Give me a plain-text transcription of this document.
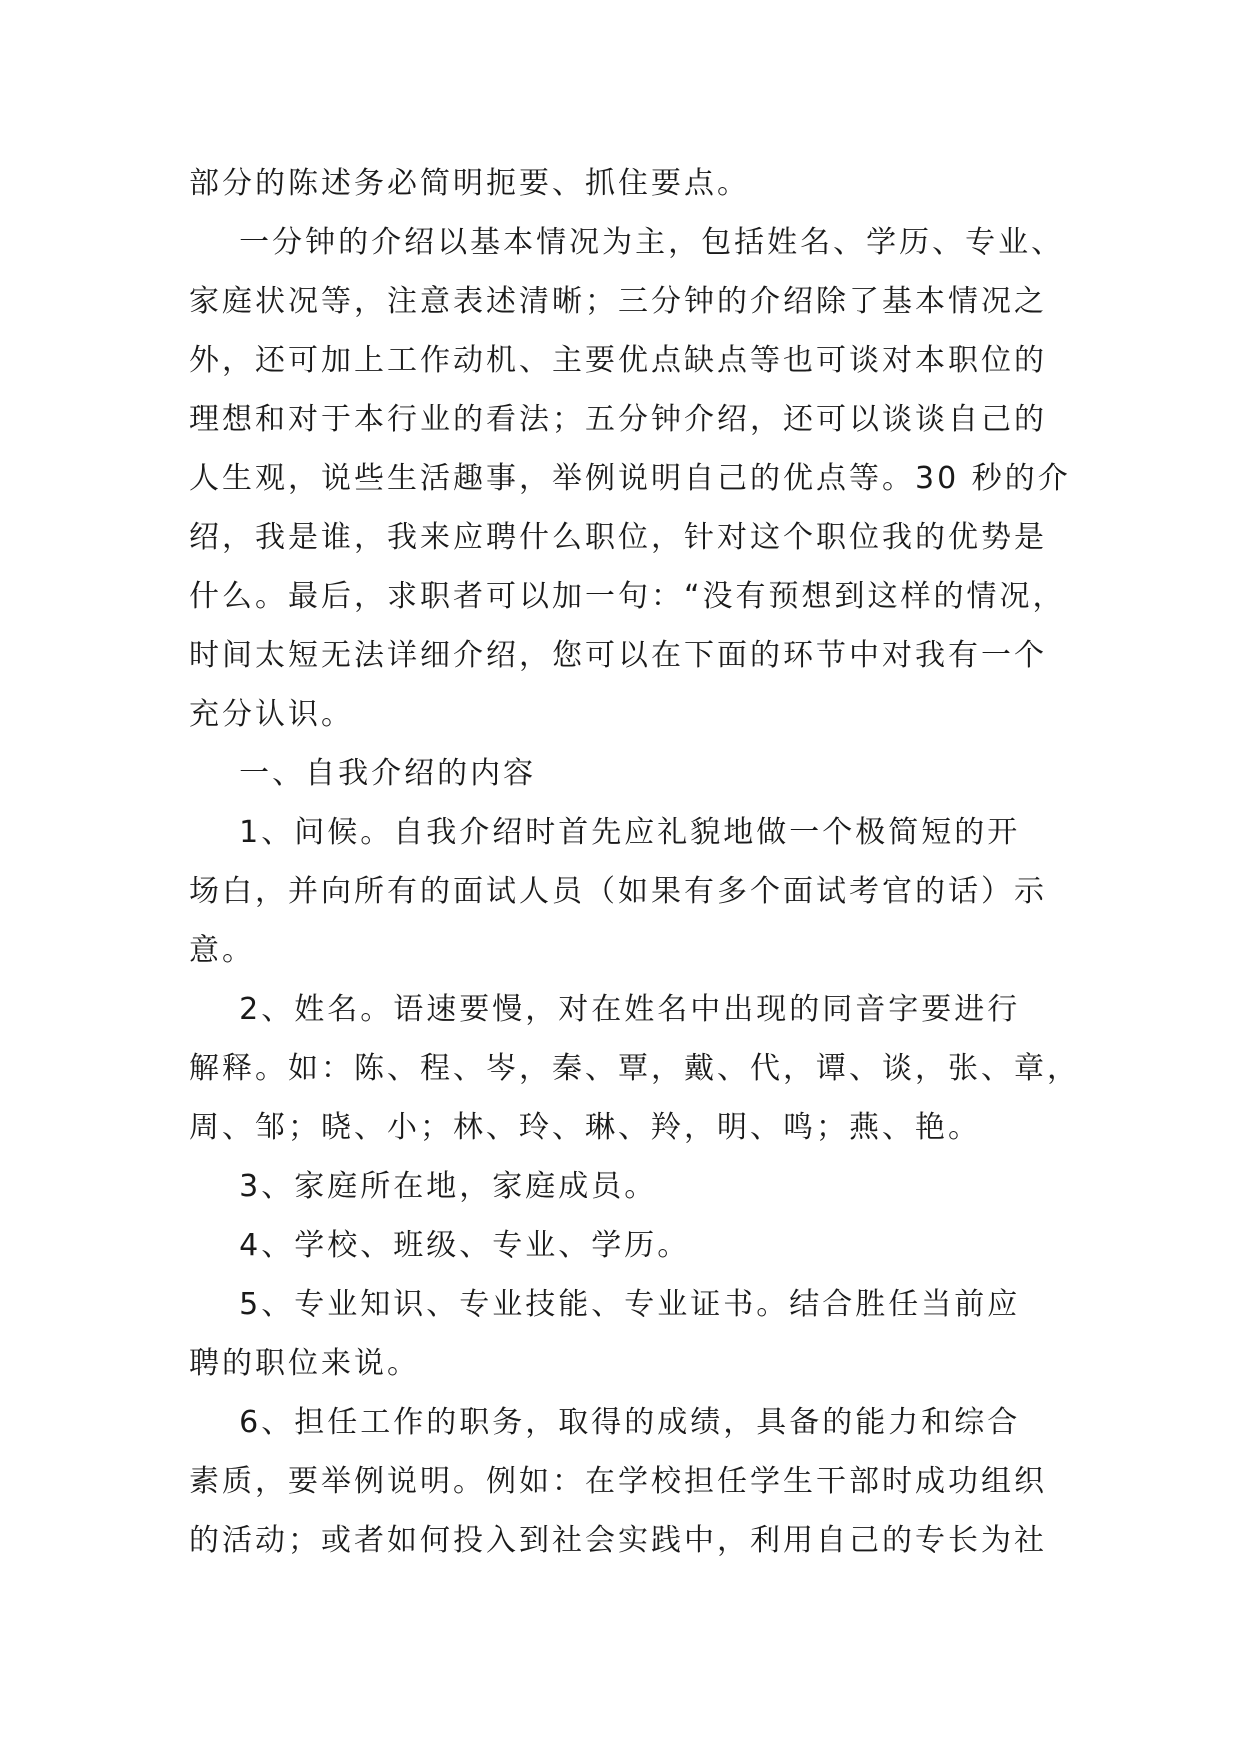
部分的陈述务必简明扼要、抓住要点。
一分钟的介绍以基本情况为主，包括姓名、学历、专业、
家庭状况等，注意表述清晰；三分钟的介绍除了基本情况之
外，还可加上工作动机、主要优点缺点等也可谈对本职位的
理想和对于本行业的看法；五分钟介绍，还可以谈谈自己的
人生观，说些生活趣事，举例说明自己的优点等。30 秒的介
绍，我是谁，我来应聘什么职位，针对这个职位我的优势是
什么。最后，求职者可以加一句：“没有预想到这样的情况，
时间太短无法详细介绍，您可以在下面的环节中对我有一个
充分认识。
一、自我介绍的内容
1、问候。自我介绍时首先应礼貌地做一个极简短的开
场白，并向所有的面试人员（如果有多个面试考官的话）示
意。
2、姓名。语速要慢，对在姓名中出现的同音字要进行
解释。如：陈、程、岑，秦、覃，戴、代，谭、谈，张、章，
周、邹；晓、小；林、玲、琳、羚，明、鸣；燕、艳。
3、家庭所在地，家庭成员。
4、学校、班级、专业、学历。
5、专业知识、专业技能、专业证书。结合胜任当前应
聘的职位来说。
6、担任工作的职务，取得的成绩，具备的能力和综合
素质，要举例说明。例如：在学校担任学生干部时成功组织
的活动；或者如何投入到社会实践中，利用自己的专长为社
